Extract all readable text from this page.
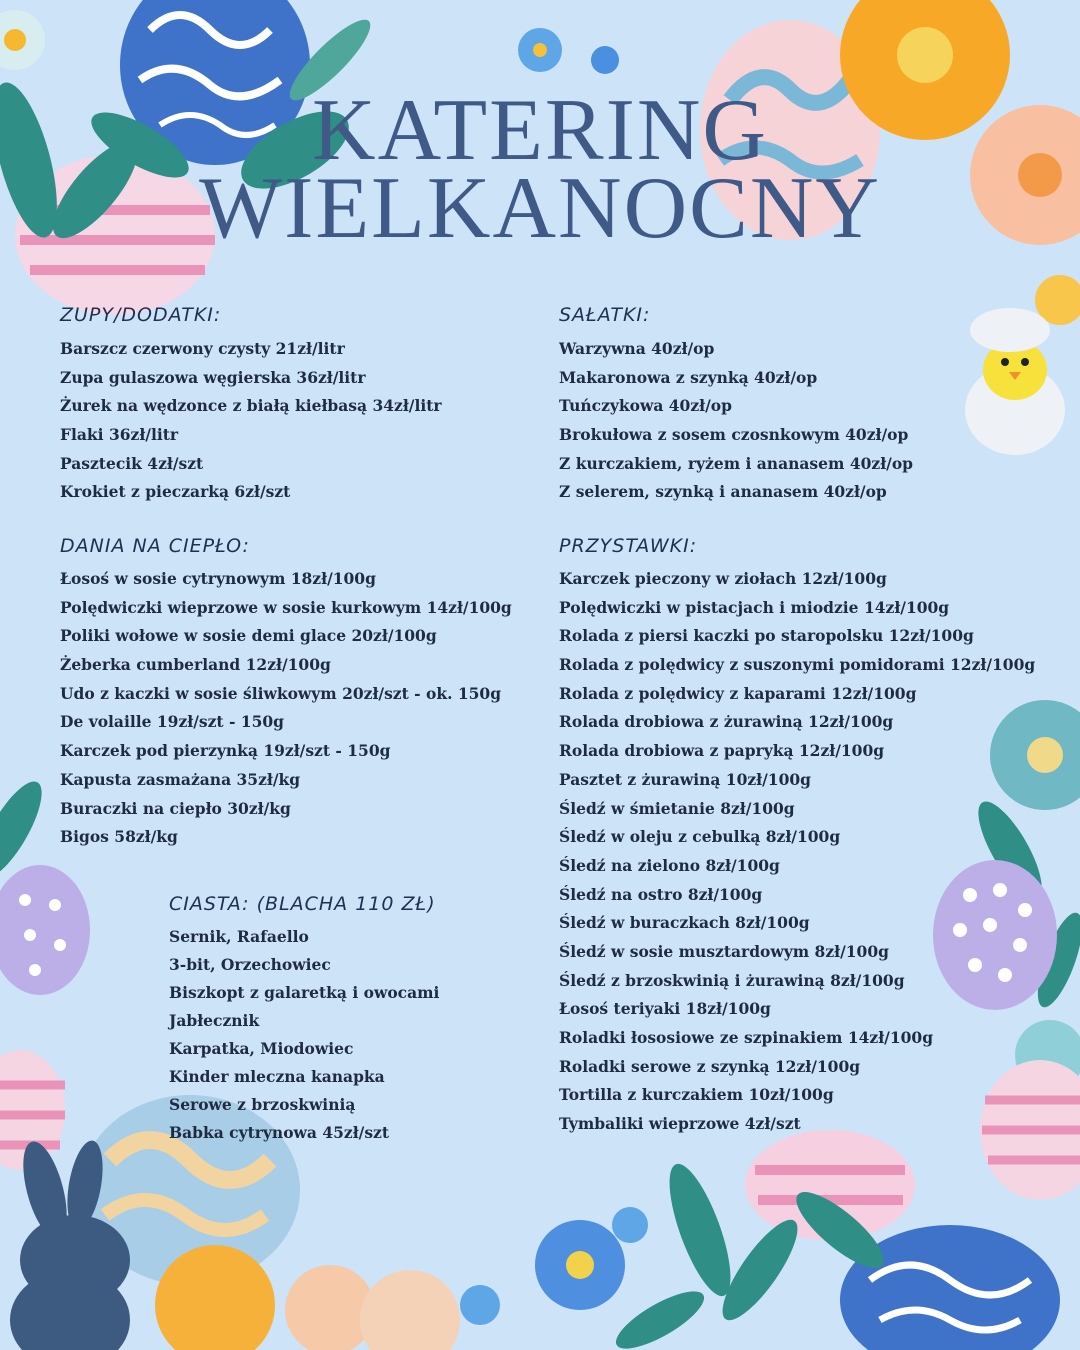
KATERING
WIELKANOCNY
ZUPY/DODATKI:
Barszcz czerwony czysty 21zł/litr
Zupa gulaszowa węgierska 36zł/litr
Żurek na wędzonce z białą kiełbasą 34zł/litr
Flaki 36zł/litr
Pasztecik 4zł/szt
Krokiet z pieczarką 6zł/szt
SAŁATKI:
Warzywna 40zł/op
Makaronowa z szynką 40zł/op
Tuńczykowa 40zł/op
Brokułowa z sosem czosnkowym 40zł/op
Z kurczakiem, ryżem i ananasem 40zł/op
Z selerem, szynką i ananasem 40zł/op
DANIA NA CIEPŁO:
Łosoś w sosie cytrynowym 18zł/100g
Polędwiczki wieprzowe w sosie kurkowym 14zł/100g
Poliki wołowe w sosie demi glace 20zł/100g
Żeberka cumberland 12zł/100g
Udo z kaczki w sosie śliwkowym 20zł/szt - ok. 150g
De volaille 19zł/szt - 150g
Karczek pod pierzynką 19zł/szt - 150g
Kapusta zasmażana 35zł/kg
Buraczki na ciepło 30zł/kg
Bigos 58zł/kg
PRZYSTAWKI:
Karczek pieczony w ziołach 12zł/100g
Polędwiczki w pistacjach i miodzie 14zł/100g
Rolada z piersi kaczki po staropolsku 12zł/100g
Rolada z polędwicy z suszonymi pomidorami 12zł/100g
Rolada z polędwicy z kaparami 12zł/100g
Rolada drobiowa z żurawiną 12zł/100g
Rolada drobiowa z papryką 12zł/100g
Pasztet z żurawiną 10zł/100g
Śledź w śmietanie 8zł/100g
Śledź w oleju z cebulką 8zł/100g
Śledź na zielono 8zł/100g
Śledź na ostro 8zł/100g
Śledź w buraczkach 8zł/100g
Śledź w sosie musztardowym 8zł/100g
Śledź z brzoskwinią i żurawiną 8zł/100g
Łosoś teriyaki 18zł/100g
Roladki łososiowe ze szpinakiem 14zł/100g
Roladki serowe z szynką 12zł/100g
Tortilla z kurczakiem 10zł/100g
Tymbaliki wieprzowe 4zł/szt
CIASTA: (BLACHA 110 ZŁ)
Sernik, Rafaello
3-bit, Orzechowiec
Biszkopt z galaretką i owocami
Jabłecznik
Karpatka, Miodowiec
Kinder mleczna kanapka
Serowe z brzoskwinią
Babka cytrynowa 45zł/szt
